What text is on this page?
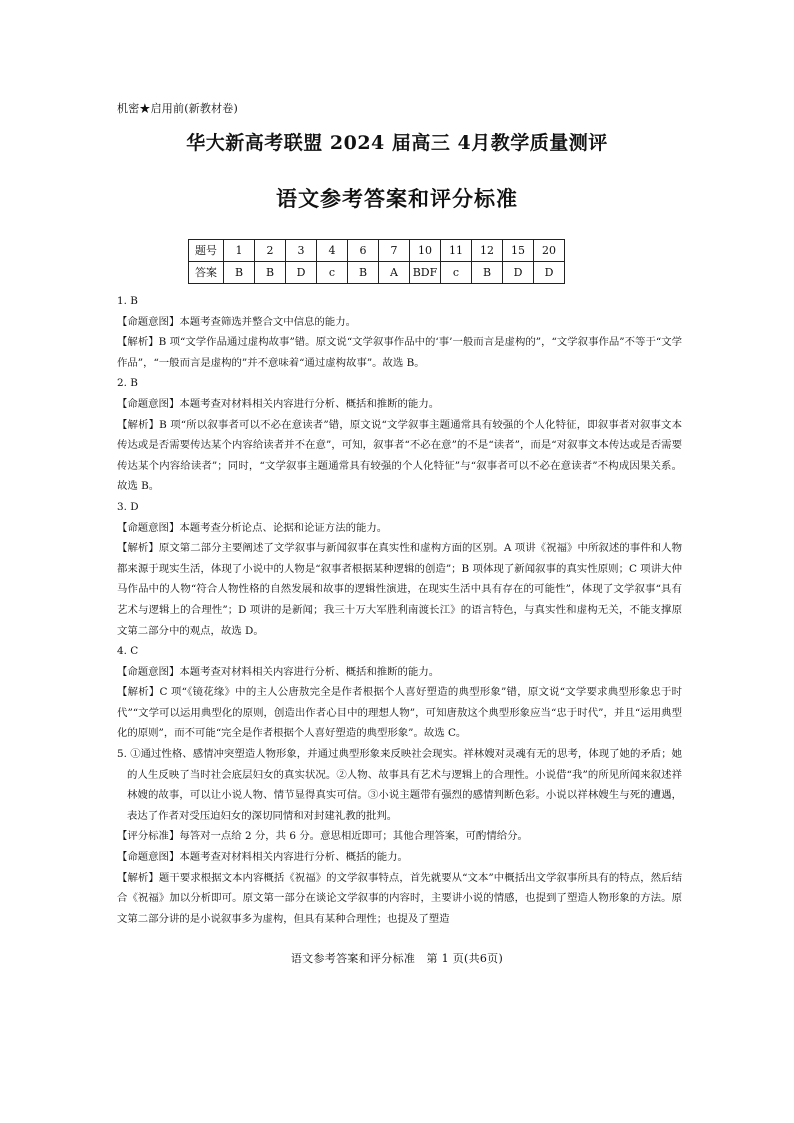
机密★启用前(新教材卷)
华大新高考联盟 2024 届高三 4月教学质量测评
语文参考答案和评分标准
题号	1	2	3	4	6	7	10	11	12	15	20
答案	B	B	D	c	B	A	BDF	c	B	D	D

1. B

【命题意图】本题考查筛选并整合文中信息的能力。

【解析】B 项“文学作品通过虚构故事”错。原文说“文学叙事作品中的‘事’一般而言是虚构的”，“文学叙事作品”不等于“文学作品”，“一般而言是虚构的”并不意味着“通过虚构故事”。故选 B。

2. B

【命题意图】本题考查对材料相关内容进行分析、概括和推断的能力。

【解析】B 项“所以叙事者可以不必在意读者”错，原文说“文学叙事主题通常具有较强的个人化特征，即叙事者对叙事文本传达或是否需要传达某个内容给读者并不在意”，可知，叙事者“不必在意”的不是“读者”，而是“对叙事文本传达或是否需要传达某个内容给读者”；同时，“文学叙事主题通常具有较强的个人化特征”与“叙事者可以不必在意读者”不构成因果关系。故选 B。

3. D

【命题意图】本题考查分析论点、论据和论证方法的能力。

【解析】原文第二部分主要阐述了文学叙事与新闻叙事在真实性和虚构方面的区别。A 项讲《祝福》中所叙述的事件和人物都来源于现实生活，体现了小说中的人物是“叙事者根据某种逻辑的创造”；B 项体现了新闻叙事的真实性原则；C 项讲大仲马作品中的人物“符合人物性格的自然发展和故事的逻辑性演进，在现实生活中具有存在的可能性”，体现了文学叙事“具有艺术与逻辑上的合理性”；D 项讲的是新闻；我三十万大军胜利南渡长江》的语言特色，与真实性和虚构无关，不能支撑原文第二部分中的观点，故选 D。

4. C

【命题意图】本题考查对材料相关内容进行分析、概括和推断的能力。

【解析】C 项“《镜花缘》中的主人公唐敖完全是作者根据个人喜好塑造的典型形象”错，原文说“文学要求典型形象忠于时代”“文学可以运用典型化的原则，创造出作者心目中的理想人物”，可知唐敖这个典型形象应当“忠于时代”，并且“运用典型化的原则”，而不可能“完全是作者根据个人喜好塑造的典型形象”。故选 C。

5. ①通过性格、感情冲突塑造人物形象，并通过典型形象来反映社会现实。祥林嫂对灵魂有无的思考，体现了她的矛盾；她的人生反映了当时社会底层妇女的真实状况。②人物、故事具有艺术与逻辑上的合理性。小说借“我”的所见所闻来叙述祥林嫂的故事，可以让小说人物、情节显得真实可信。③小说主题带有强烈的感情判断色彩。小说以祥林嫂生与死的遭遇，表达了作者对受压迫妇女的深切同情和对封建礼教的批判。

【评分标准】每答对一点给 2 分，共 6 分。意思相近即可；其他合理答案，可酌情给分。

【命题意图】本题考查对材料相关内容进行分析、概括的能力。

【解析】题干要求根据文本内容概括《祝福》的文学叙事特点，首先就要从“文本”中概括出文学叙事所具有的特点，然后结合《祝福》加以分析即可。原文第一部分在谈论文学叙事的内容时，主要讲小说的情感，也提到了塑造人物形象的方法。原文第二部分讲的是小说叙事多为虚构，但具有某种合理性；也提及了塑造

语文参考答案和评分标准　第 1 页(共6页)
